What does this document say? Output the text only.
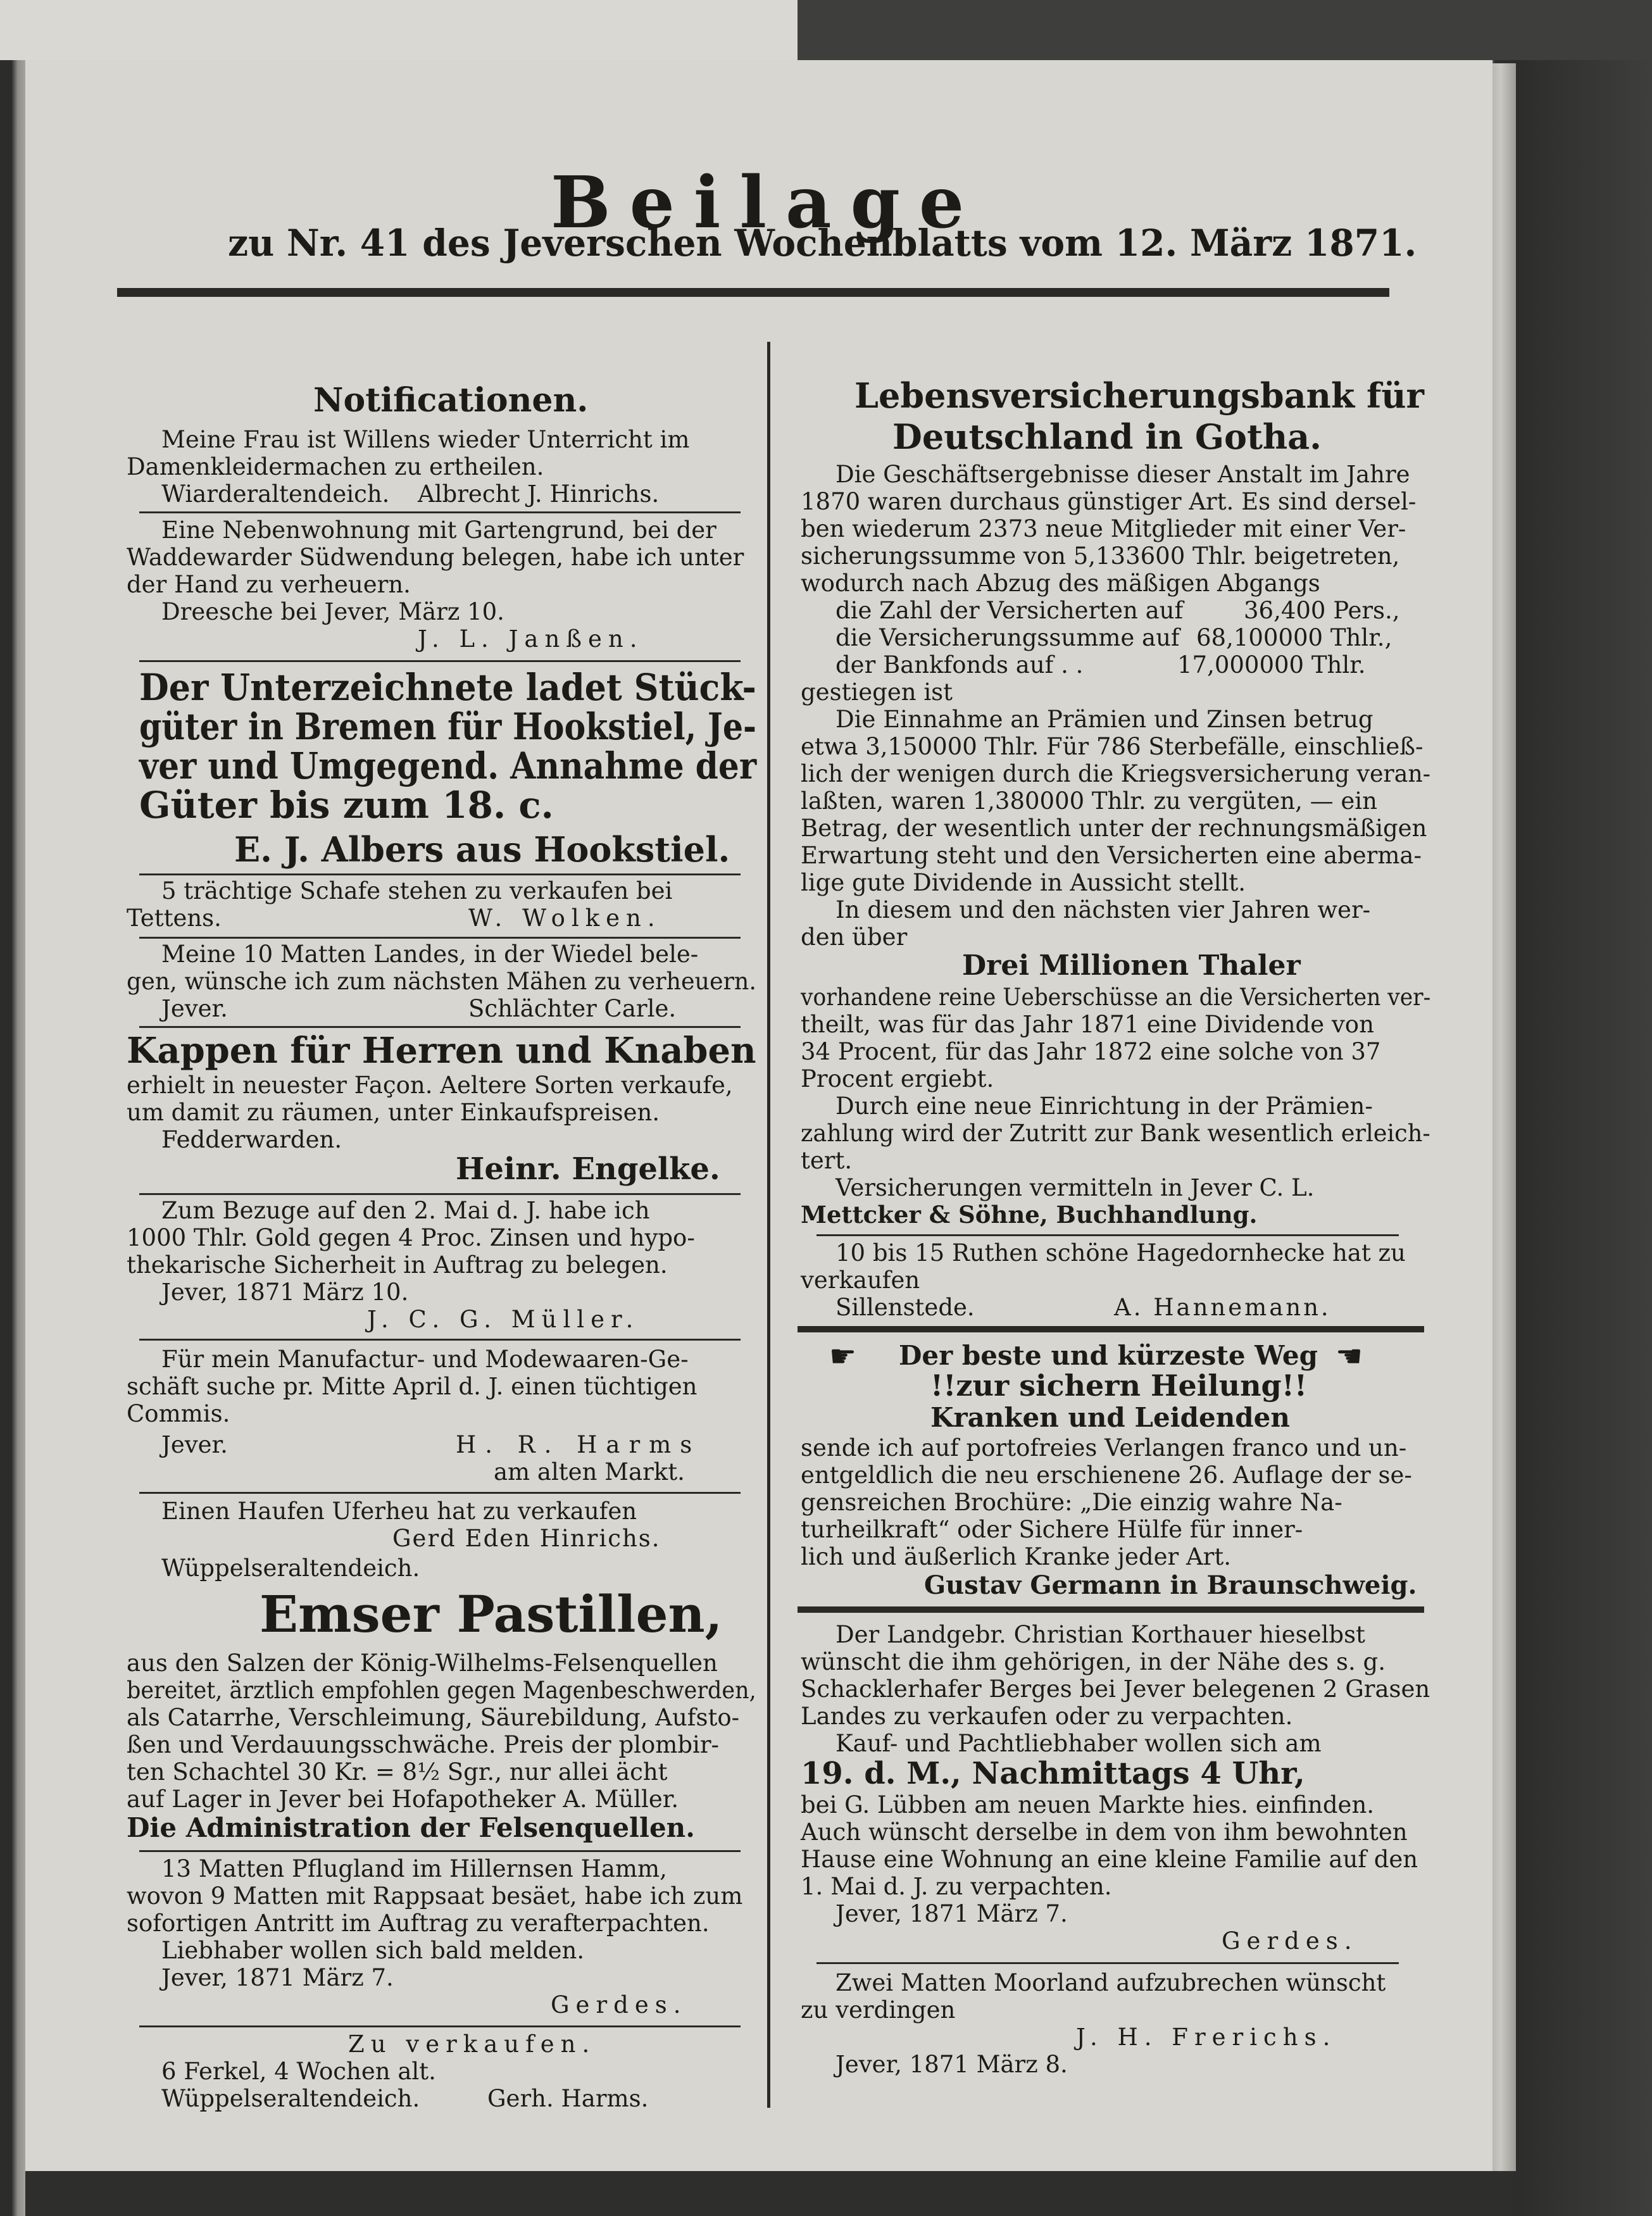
Beilage
zu Nr. 41 des Jeverschen Wochenblatts vom 12. März 1871.
Notificationen.
Meine Frau ist Willens wieder Unterricht im
Damenkleidermachen zu ertheilen.
Wiarderaltendeich. Albrecht J. Hinrichs.
Eine Nebenwohnung mit Gartengrund, bei der
Waddewarder Südwendung belegen, habe ich unter
der Hand zu verheuern.
Dreesche bei Jever, März 10.
J. L. Janßen.
Der Unterzeichnete ladet Stück-
güter in Bremen für Hookstiel, Je-
ver und Umgegend. Annahme der
Güter bis zum 18. c.
E. J. Albers aus Hookstiel.
5 trächtige Schafe stehen zu verkaufen bei
Tettens.	W. Wolken.
Meine 10 Matten Landes, in der Wiedel bele-
gen, wünsche ich zum nächsten Mähen zu verheuern.
Jever.	Schlächter Carle.
Kappen für Herren und Knaben
erhielt in neuester Façon. Aeltere Sorten verkaufe,
um damit zu räumen, unter Einkaufspreisen.
Fedderwarden.
Heinr. Engelke.
Zum Bezuge auf den 2. Mai d. J. habe ich
1000 Thlr. Gold gegen 4 Proc. Zinsen und hypo-
thekarische Sicherheit in Auftrag zu belegen.
Jever, 1871 März 10.
J. C. G. Müller.
Für mein Manufactur- und Modewaaren-Ge-
schäft suche pr. Mitte April d. J. einen tüchtigen
Commis.
Jever.	H. R. Harms
am alten Markt.
Einen Haufen Uferheu hat zu verkaufen
Gerd Eden Hinrichs.
Wüppelseraltendeich.
Emser Pastillen,
aus den Salzen der König-Wilhelms-Felsenquellen
bereitet, ärztlich empfohlen gegen Magenbeschwerden,
als Catarrhe, Verschleimung, Säurebildung, Aufsto-
ßen und Verdauungsschwäche. Preis der plombir-
ten Schachtel 30 Kr. = 8½ Sgr., nur allei ächt
auf Lager in Jever bei Hofapotheker A. Müller.
Die Administration der Felsenquellen.
13 Matten Pflugland im Hillernsen Hamm,
wovon 9 Matten mit Rappsaat besäet, habe ich zum
sofortigen Antritt im Auftrag zu verafterpachten.
Liebhaber wollen sich bald melden.
Jever, 1871 März 7.
Gerdes.
Zu verkaufen.
6 Ferkel, 4 Wochen alt.
Wüppelseraltendeich.	Gerh. Harms.
Lebensversicherungsbank für
Deutschland in Gotha.
Die Geschäftsergebnisse dieser Anstalt im Jahre
1870 waren durchaus günstiger Art. Es sind dersel-
ben wiederum 2373 neue Mitglieder mit einer Ver-
sicherungssumme von 5,133600 Thlr. beigetreten,
wodurch nach Abzug des mäßigen Abgangs
die Zahl der Versicherten auf	36,400 Pers.,
die Versicherungssumme auf 68,100000 Thlr.,
der Bankfonds auf . .	17,000000 Thlr.
gestiegen ist
Die Einnahme an Prämien und Zinsen betrug
etwa 3,150000 Thlr. Für 786 Sterbefälle, einschließ-
lich der wenigen durch die Kriegsversicherung veran-
laßten, waren 1,380000 Thlr. zu vergüten, — ein
Betrag, der wesentlich unter der rechnungsmäßigen
Erwartung steht und den Versicherten eine aberma-
lige gute Dividende in Aussicht stellt.
In diesem und den nächsten vier Jahren wer-
den über
Drei Millionen Thaler
vorhandene reine Ueberschüsse an die Versicherten ver-
theilt, was für das Jahr 1871 eine Dividende von
34 Procent, für das Jahr 1872 eine solche von 37
Procent ergiebt.
Durch eine neue Einrichtung in der Prämien-
zahlung wird der Zutritt zur Bank wesentlich erleich-
tert.
Versicherungen vermitteln in Jever C. L.
Mettcker & Söhne, Buchhandlung.
10 bis 15 Ruthen schöne Hagedornhecke hat zu
verkaufen
Sillenstede.	A. Hannemann.
☛ Der beste und kürzeste Weg ☛
!!zur sichern Heilung!!
Kranken und Leidenden
sende ich auf portofreies Verlangen franco und un-
entgeldlich die neu erschienene 26. Auflage der se-
gensreichen Brochüre: „Die einzig wahre Na-
turheilkraft“ oder Sichere Hülfe für inner-
lich und äußerlich Kranke jeder Art.
Gustav Germann in Braunschweig.
Der Landgebr. Christian Korthauer hieselbst
wünscht die ihm gehörigen, in der Nähe des s. g.
Schacklerhafer Berges bei Jever belegenen 2 Grasen
Landes zu verkaufen oder zu verpachten.
Kauf- und Pachtliebhaber wollen sich am
19. d. M., Nachmittags 4 Uhr,
bei G. Lübben am neuen Markte hies. einfinden.
Auch wünscht derselbe in dem von ihm bewohnten
Hause eine Wohnung an eine kleine Familie auf den
1. Mai d. J. zu verpachten.
Jever, 1871 März 7.
Gerdes.
Zwei Matten Moorland aufzubrechen wünscht
zu verdingen
J. H. Frerichs.
Jever, 1871 März 8.
